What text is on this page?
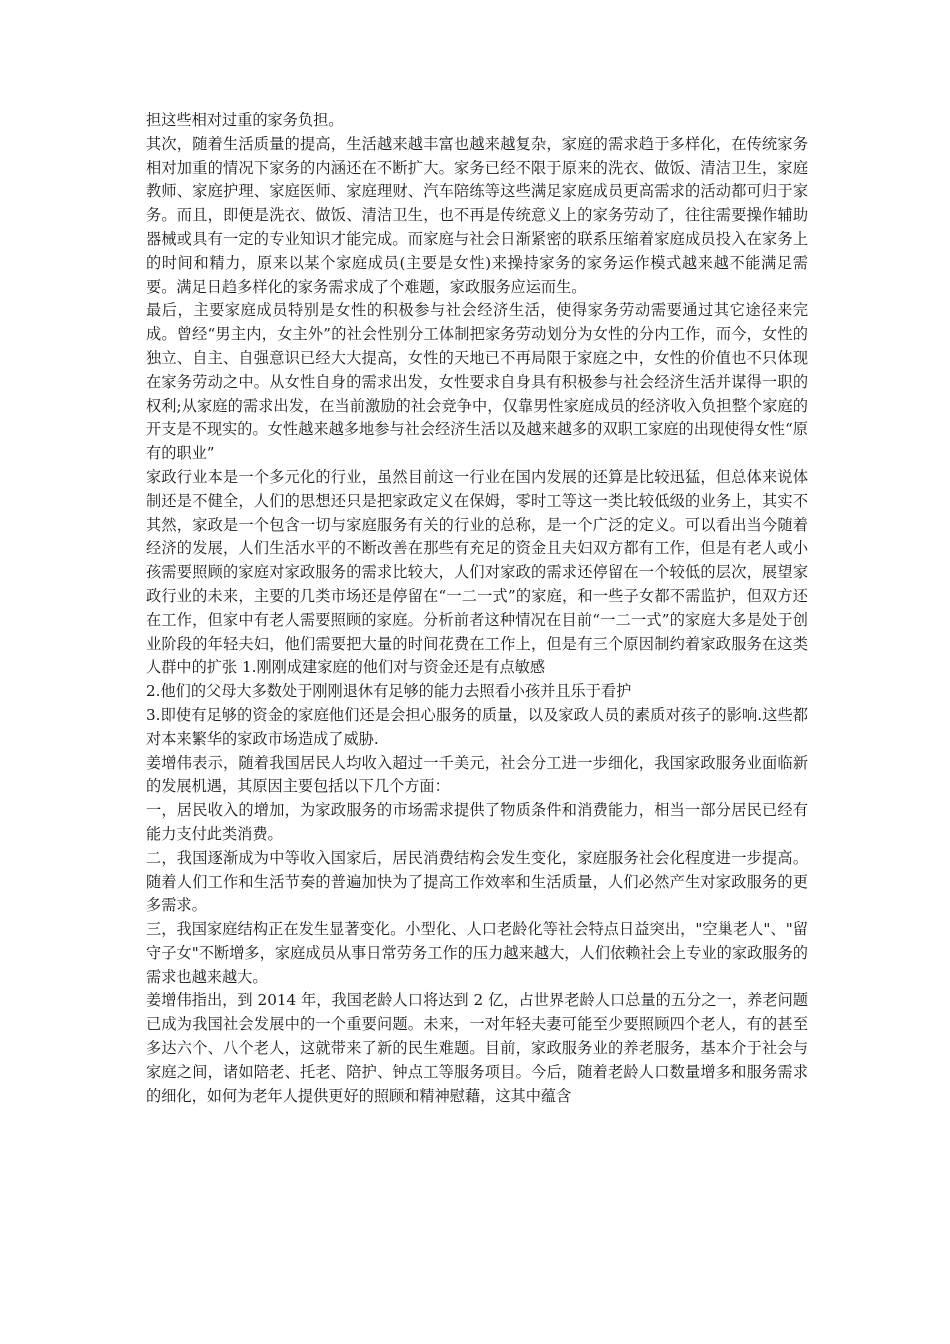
担这些相对过重的家务负担。

其次，随着生活质量的提高，生活越来越丰富也越来越复杂，家庭的需求趋于多样化，在传统家务相对加重的情况下家务的内涵还在不断扩大。家务已经不限于原来的洗衣、做饭、清洁卫生，家庭教师、家庭护理、家庭医师、家庭理财、汽车陪练等这些满足家庭成员更高需求的活动都可归于家务。而且，即便是洗衣、做饭、清洁卫生，也不再是传统意义上的家务劳动了，往往需要操作辅助器械或具有一定的专业知识才能完成。而家庭与社会日渐紧密的联系压缩着家庭成员投入在家务上的时间和精力，原来以某个家庭成员(主要是女性)来操持家务的家务运作模式越来越不能满足需要。满足日趋多样化的家务需求成了个难题，家政服务应运而生。

最后，主要家庭成员特别是女性的积极参与社会经济生活，使得家务劳动需要通过其它途径来完成。曾经“男主内，女主外”的社会性别分工体制把家务劳动划分为女性的分内工作，而今，女性的独立、自主、自强意识已经大大提高，女性的天地已不再局限于家庭之中，女性的价值也不只体现在家务劳动之中。从女性自身的需求出发，女性要求自身具有积极参与社会经济生活并谋得一职的权利;从家庭的需求出发，在当前激励的社会竞争中，仅靠男性家庭成员的经济收入负担整个家庭的开支是不现实的。女性越来越多地参与社会经济生活以及越来越多的双职工家庭的出现使得女性“原有的职业”

家政行业本是一个多元化的行业，虽然目前这一行业在国内发展的还算是比较迅猛，但总体来说体制还是不健全，人们的思想还只是把家政定义在保姆，零时工等这一类比较低级的业务上，其实不其然，家政是一个包含一切与家庭服务有关的行业的总称，是一个广泛的定义。可以看出当今随着经济的发展，人们生活水平的不断改善在那些有充足的资金且夫妇双方都有工作，但是有老人或小孩需要照顾的家庭对家政服务的需求比较大，人们对家政的需求还停留在一个较低的层次，展望家政行业的未来，主要的几类市场还是停留在“一二一式”的家庭，和一些子女都不需监护，但双方还在工作，但家中有老人需要照顾的家庭。分析前者这种情况在目前“一二一式”的家庭大多是处于创业阶段的年轻夫妇，他们需要把大量的时间花费在工作上，但是有三个原因制约着家政服务在这类人群中的扩张 1.刚刚成建家庭的他们对与资金还是有点敏感

2.他们的父母大多数处于刚刚退休有足够的能力去照看小孩并且乐于看护

3.即使有足够的资金的家庭他们还是会担心服务的质量，以及家政人员的素质对孩子的影响.这些都对本来繁华的家政市场造成了威胁.

姜增伟表示，随着我国居民人均收入超过一千美元，社会分工进一步细化，我国家政服务业面临新的发展机遇，其原因主要包括以下几个方面：

一，居民收入的增加，为家政服务的市场需求提供了物质条件和消费能力，相当一部分居民已经有能力支付此类消费。

二，我国逐渐成为中等收入国家后，居民消费结构会发生变化，家庭服务社会化程度进一步提高。随着人们工作和生活节奏的普遍加快为了提高工作效率和生活质量，人们必然产生对家政服务的更多需求。

三，我国家庭结构正在发生显著变化。小型化、人口老龄化等社会特点日益突出，"空巢老人"、"留守子女"不断增多，家庭成员从事日常劳务工作的压力越来越大，人们依赖社会上专业的家政服务的需求也越来越大。

姜增伟指出，到 2014 年，我国老龄人口将达到 2 亿，占世界老龄人口总量的五分之一，养老问题已成为我国社会发展中的一个重要问题。未来，一对年轻夫妻可能至少要照顾四个老人，有的甚至多达六个、八个老人，这就带来了新的民生难题。目前，家政服务业的养老服务，基本介于社会与家庭之间，诸如陪老、托老、陪护、钟点工等服务项目。今后，随着老龄人口数量增多和服务需求的细化，如何为老年人提供更好的照顾和精神慰藉，这其中蕴含
